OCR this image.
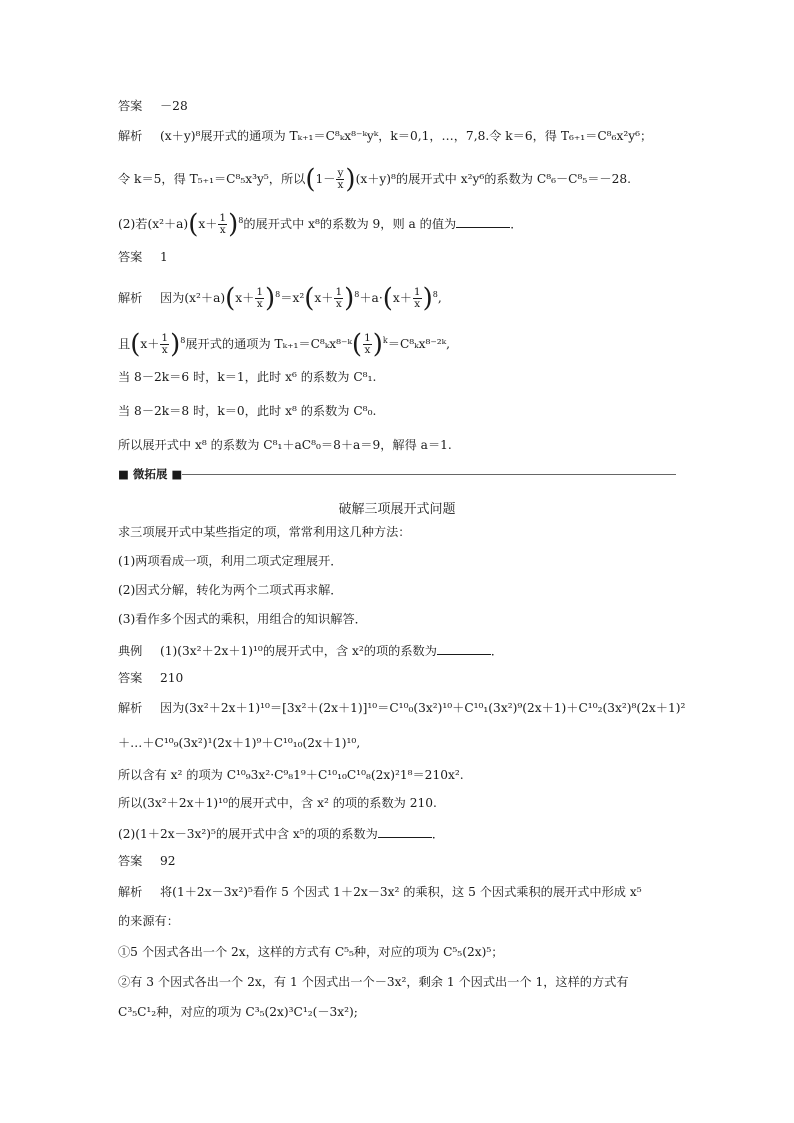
答案 －28
解析 (x＋y)⁸展开式的通项为 Tₖ₊₁＝C⁸ₖx⁸⁻ᵏyᵏ，k＝0,1，…，7,8.令 k＝6，得 T₆₊₁＝C⁸₆x²y⁶；
令 k＝5，得 T₅₊₁＝C⁸₅x³y⁵，所以$(1- \frac{y}{x} )(x+y)^8$的展开式中 x²y⁶的系数为 C⁸₆－C⁸₅＝－28.
(2)若$(x^2+a)(x+ \frac{1}{x} )^8$的展开式中 x⁸的系数为 9，则 a 的值为	．
答案 1
解析 因为$(x^2+a)(x+ \frac{1}{x} )^8=x^2(x+ \frac{1}{x} )^8+a\cdot(x+ \frac{1}{x} )^8$,
且$(x+ \frac{1}{x} )^8$展开式的通项为 Tₖ₊₁＝C⁸ₖx⁸⁻ᵏ( $\frac{1}{x}$ )$^k$＝C⁸ₖx⁸⁻²ᵏ,
当 8－2k＝6 时，k＝1，此时 x⁶ 的系数为 C⁸₁.
当 8－2k＝8 时，k＝0，此时 x⁸ 的系数为 C⁸₀.
所以展开式中 x⁸ 的系数为 C⁸₁＋aC⁸₀＝8＋a＝9，解得 a＝1.
■ 微拓展 ■
破解三项展开式问题
求三项展开式中某些指定的项，常常利用这几种方法：
(1)两项看成一项，利用二项式定理展开．
(2)因式分解，转化为两个二项式再求解．
(3)看作多个因式的乘积，用组合的知识解答．
典例 (1)(3x²＋2x＋1)¹⁰的展开式中，含 x²的项的系数为	．
答案 210
解析 因为(3x²＋2x＋1)¹⁰＝[3x²＋(2x＋1)]¹⁰＝C¹⁰₀(3x²)¹⁰＋C¹⁰₁(3x²)⁹(2x＋1)＋C¹⁰₂(3x²)⁸(2x＋1)²
＋…＋C¹⁰₉(3x²)¹(2x＋1)⁹＋C¹⁰₁₀(2x＋1)¹⁰,
所以含有 x² 的项为 C¹⁰₉3x²·C⁹₈1⁹＋C¹⁰₁₀C¹⁰₈(2x)²1⁸＝210x².
所以(3x²＋2x＋1)¹⁰的展开式中，含 x² 的项的系数为 210.
(2)(1＋2x－3x²)⁵的展开式中含 x⁵的项的系数为	．
答案 92
解析 将(1＋2x－3x²)⁵看作 5 个因式 1＋2x－3x² 的乘积，这 5 个因式乘积的展开式中形成 x⁵
的来源有：
①5 个因式各出一个 2x，这样的方式有 C⁵₅种，对应的项为 C⁵₅(2x)⁵；
②有 3 个因式各出一个 2x，有 1 个因式出一个－3x²，剩余 1 个因式出一个 1，这样的方式有
C³₅C¹₂种，对应的项为 C³₅(2x)³C¹₂(－3x²);
